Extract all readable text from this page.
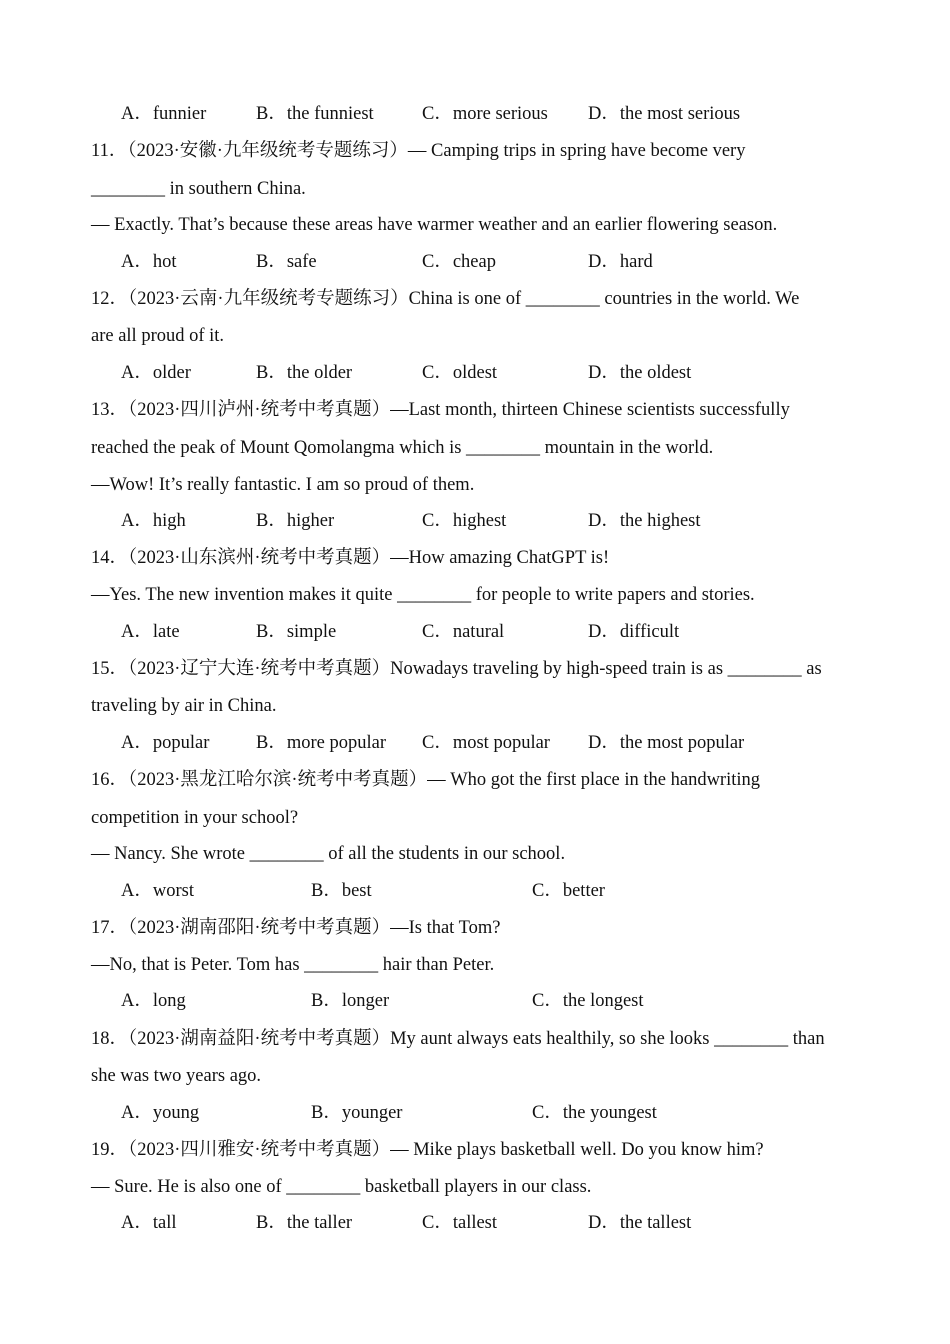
A．funnier	B．the funniest	C．more serious D．the most serious
11．（2023·安徽·九年级统考专题练习）— Camping trips in spring have become very
________ in southern China.
— Exactly. That’s because these areas have warmer weather and an earlier flowering season.
A．hot	B．safe	C．cheap	D．hard
12．（2023·云南·九年级统考专题练习）China is one of ________ countries in the world. We
are all proud of it.
A．older	B．the older	C．oldest	D．the oldest
13．（2023·四川泸州·统考中考真题）—Last month, thirteen Chinese scientists successfully
reached the peak of Mount Qomolangma which is ________ mountain in the world.
—Wow! It’s really fantastic. I am so proud of them.
A．high	B．higher	C．highest	D．the highest
14．（2023·山东滨州·统考中考真题）—How amazing ChatGPT is!
—Yes. The new invention makes it quite ________ for people to write papers and stories.
A．late	B．simple	C．natural	D．difficult
15．（2023·辽宁大连·统考中考真题）Nowadays traveling by high-speed train is as ________ as
traveling by air in China.
A．popular	B．more popular C．most popular D．the most popular
16．（2023·黑龙江哈尔滨·统考中考真题）— Who got the first place in the handwriting
competition in your school?
— Nancy. She wrote ________ of all the students in our school.
A．worst	B．best	C．better
17．（2023·湖南邵阳·统考中考真题）—Is that Tom?
—No, that is Peter. Tom has ________ hair than Peter.
A．long	B．longer	C．the longest
18．（2023·湖南益阳·统考中考真题）My aunt always eats healthily, so she looks ________ than
she was two years ago.
A．young	B．younger	C．the youngest
19．（2023·四川雅安·统考中考真题）— Mike plays basketball well. Do you know him?
— Sure. He is also one of ________ basketball players in our class.
A．tall	B．the taller	C．tallest	D．the tallest
